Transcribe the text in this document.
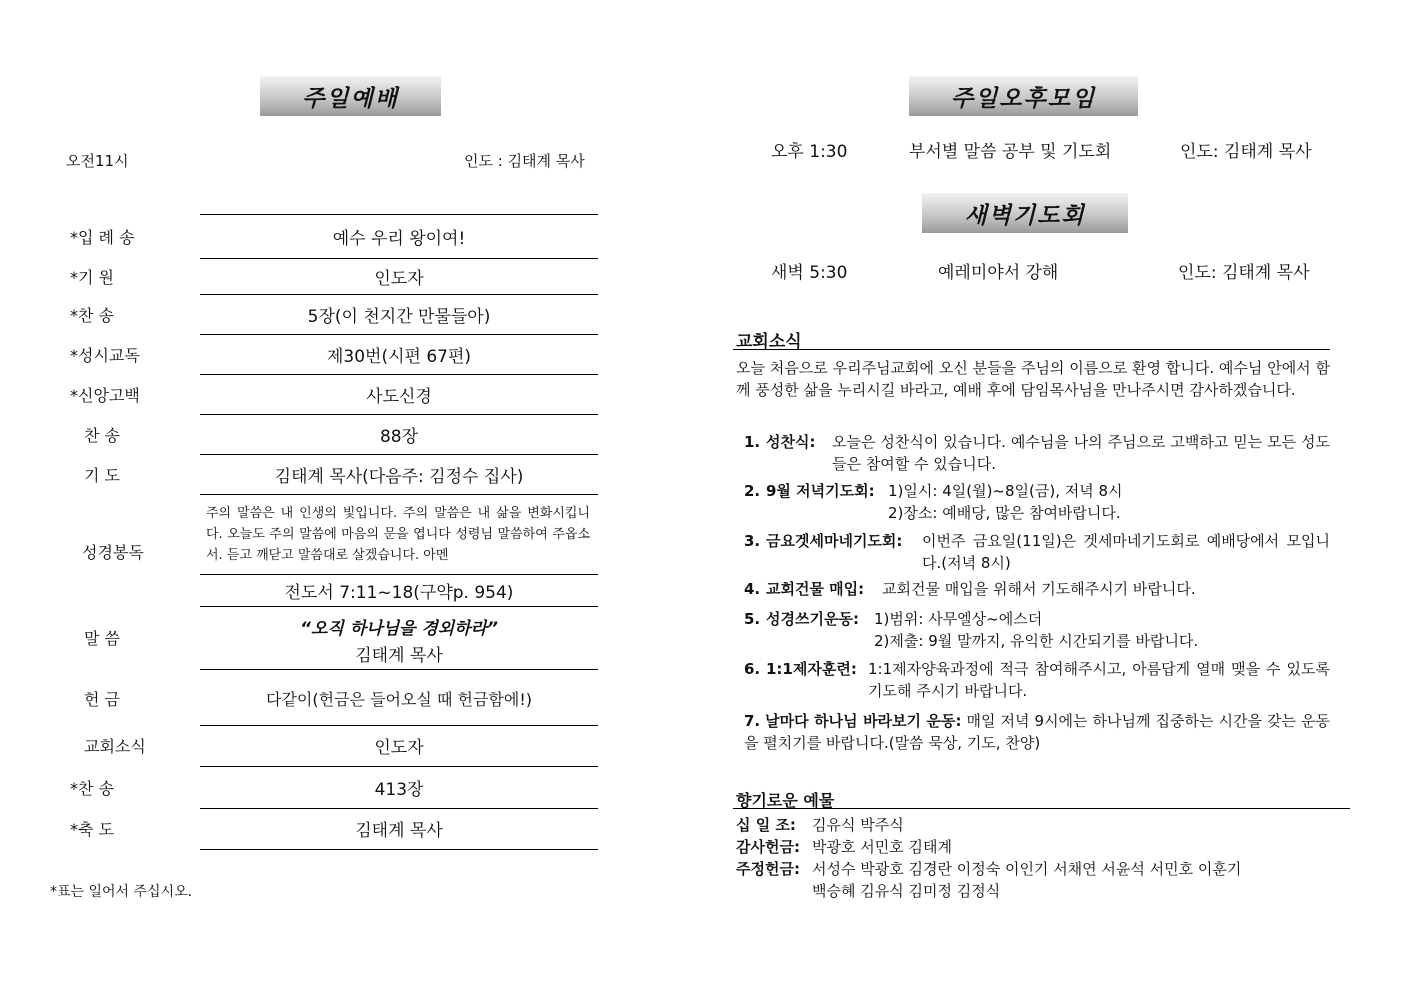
주일예배
오전11시	인도 : 김태계 목사
*입 례 송	예수 우리 왕이여!
*기 원	인도자
*찬 송	5장(이 천지간 만물들아)
*성시교독	제30번(시편 67편)
*신앙고백	사도신경
찬 송	88장
기 도	김태계 목사(다음주: 김정수 집사)
성경봉독
주의 말씀은 내 인생의 빛입니다. 주의 말씀은 내 삶을 변화시킵니다. 오늘도 주의 말씀에 마음의 문을 엽니다 성령님 말씀하여 주옵소서. 듣고 깨닫고 말씀대로 살겠습니다. 아멘
전도서 7:11~18(구약p. 954)
말 씀	“오직 하나님을 경외하라”
김태계 목사
헌 금	다같이(헌금은 들어오실 때 헌금함에!)
교회소식	인도자
*찬 송	413장
*축 도	김태계 목사
*표는 일어서 주십시오.
주일오후모임
오후 1:30	부서별 말씀 공부 및 기도회	인도: 김태계 목사
새벽기도회
새벽 5:30	예레미야서 강해	인도: 김태계 목사
교회소식
오늘 처음으로 우리주님교회에 오신 분들을 주님의 이름으로 환영 합니다. 예수님 안에서 함께 풍성한 삶을 누리시길 바라고, 예배 후에 담임목사님을 만나주시면 감사하겠습니다.
1. 성찬식:	오늘은 성찬식이 있습니다. 예수님을 나의 주님으로 고백하고 믿는 모든 성도들은 참여할 수 있습니다.
2. 9월 저녁기도회: 1)일시: 4일(월)~8일(금), 저녁 8시
2)장소: 예배당, 많은 참여바랍니다.
3. 금요겟세마네기도회:	이번주 금요일(11일)은 겟세마네기도회로 예배당에서 모입니다.(저녁 8시)
4. 교회건물 매입:	교회건물 매입을 위해서 기도해주시기 바랍니다.
5. 성경쓰기운동:	1)범위: 사무엘상~에스더
2)제출: 9월 말까지, 유익한 시간되기를 바랍니다.
6. 1:1제자훈련: 1:1제자양육과정에 적극 참여해주시고, 아름답게 열매 맺을 수 있도록 기도해 주시기 바랍니다.
7. 날마다 하나님 바라보기 운동: 매일 저녁 9시에는 하나님께 집중하는 시간을 갖는 운동을 펼치기를 바랍니다.(말씀 묵상, 기도, 찬양)
향기로운 예물
십 일 조: 김유식 박주식
감사헌금: 박광호 서민호 김태계
주정헌금: 서성수 박광호 김경란 이정숙 이인기 서채연 서윤석 서민호 이훈기
백승혜 김유식 김미정 김정식
